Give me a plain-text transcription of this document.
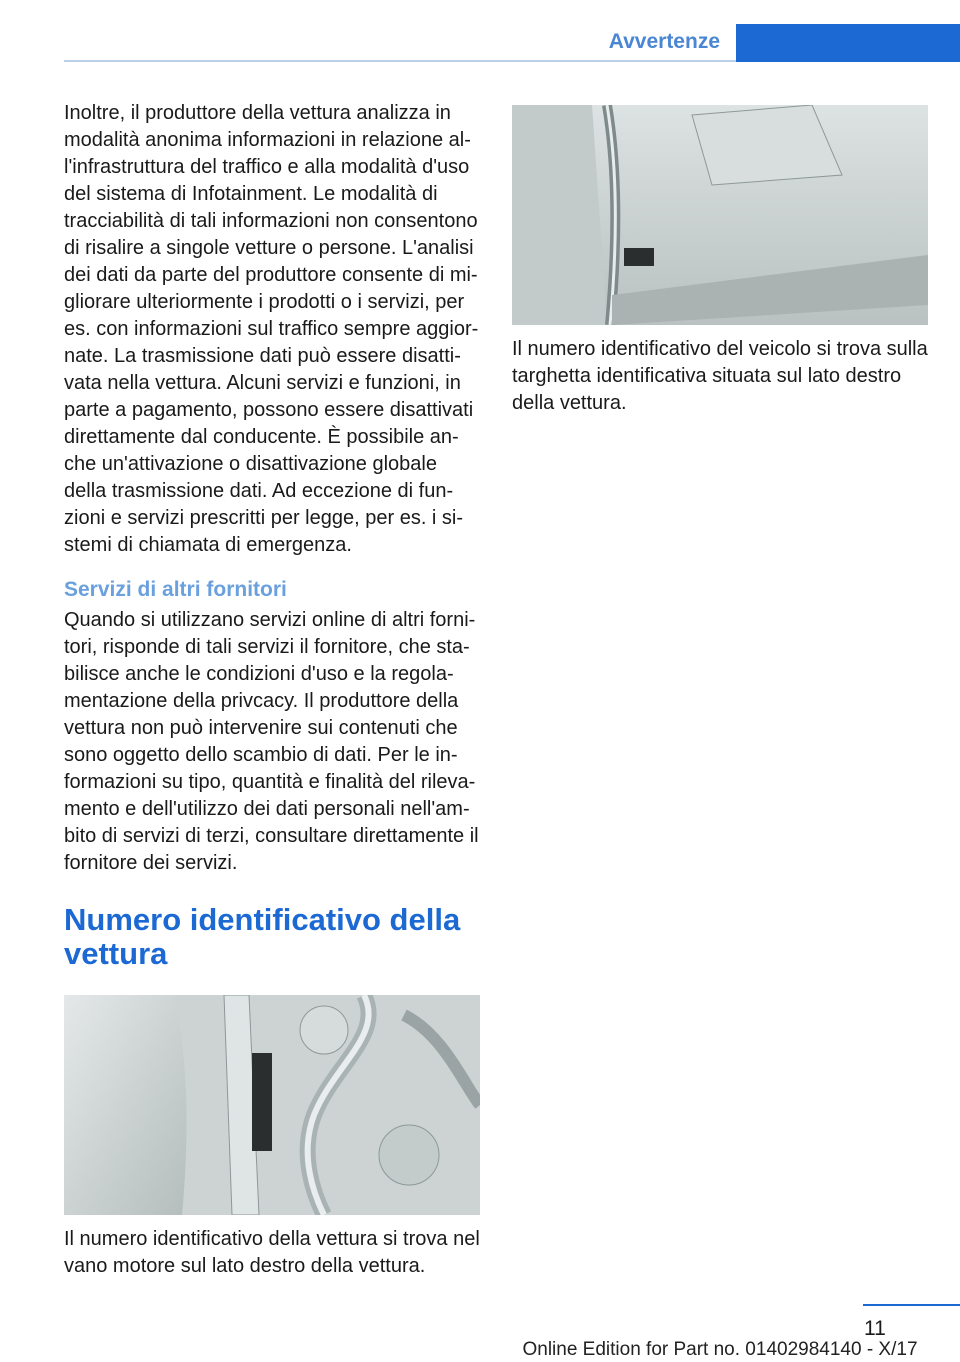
Avvertenze

Inoltre, il produttore della vettura analizza in modalità anonima informazioni in relazione al‐ l'infrastruttura del traffico e alla modalità d'uso del sistema di Infotainment. Le modalità di tracciabilità di tali informazioni non consentono di risalire a singole vetture o persone. L'analisi dei dati da parte del produttore consente di mi‐ gliorare ulteriormente i prodotti o i servizi, per es. con informazioni sul traffico sempre aggior‐ nate. La trasmissione dati può essere disatti‐ vata nella vettura. Alcuni servizi e funzioni, in parte a pagamento, possono essere disattivati direttamente dal conducente. È possibile an‐ che un'attivazione o disattivazione globale della trasmissione dati. Ad eccezione di fun‐ zioni e servizi prescritti per legge, per es. i si‐ stemi di chiamata di emergenza.

Servizi di altri fornitori

Quando si utilizzano servizi online di altri forni‐ tori, risponde di tali servizi il fornitore, che sta‐ bilisce anche le condizioni d'uso e la regola‐ mentazione della privcacy. Il produttore della vettura non può intervenire sui contenuti che sono oggetto dello scambio di dati. Per le in‐ formazioni su tipo, quantità e finalità del rileva‐ mento e dell'utilizzo dei dati personali nell'am‐ bito di servizi di terzi, consultare direttamente il fornitore dei servizi.

Numero identificativo della vettura

Il numero identificativo della vettura si trova nel vano motore sul lato destro della vettura.

Il numero identificativo del veicolo si trova sulla targhetta identificativa situata sul lato destro della vettura.

11
Online Edition for Part no. 01402984140 - X/17
